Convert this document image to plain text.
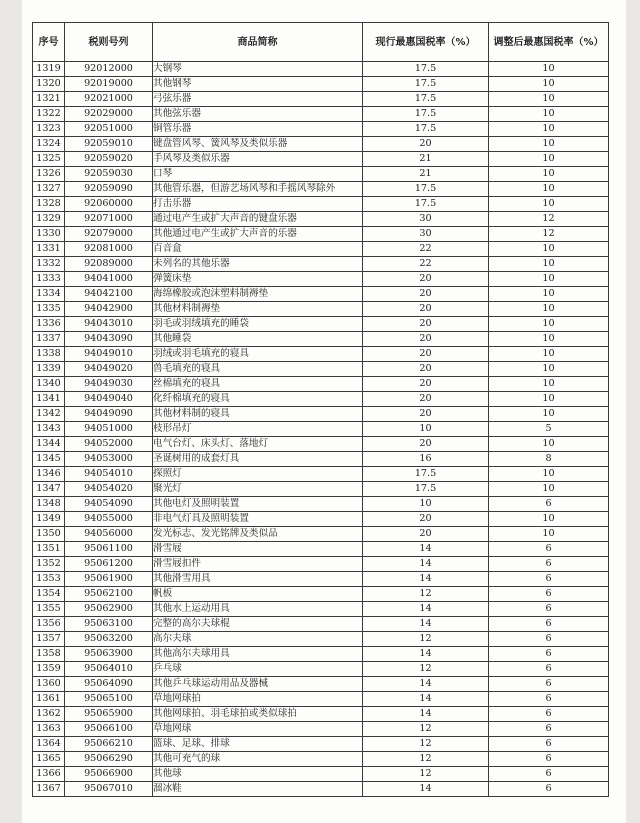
序号	税则号列	商品简称	现行最惠国税率（%）	调整后最惠国税率（%）
1319	92012000	大钢琴	17.5	10
1320	92019000	其他钢琴	17.5	10
1321	92021000	弓弦乐器	17.5	10
1322	92029000	其他弦乐器	17.5	10
1323	92051000	铜管乐器	17.5	10
1324	92059010	键盘管风琴、簧风琴及类似乐器	20	10
1325	92059020	手风琴及类似乐器	21	10
1326	92059030	口琴	21	10
1327	92059090	其他管乐器，但游艺场风琴和手摇风琴除外	17.5	10
1328	92060000	打击乐器	17.5	10
1329	92071000	通过电产生或扩大声音的键盘乐器	30	12
1330	92079000	其他通过电产生或扩大声音的乐器	30	12
1331	92081000	百音盒	22	10
1332	92089000	未列名的其他乐器	22	10
1333	94041000	弹簧床垫	20	10
1334	94042100	海绵橡胶或泡沫塑料制褥垫	20	10
1335	94042900	其他材料制褥垫	20	10
1336	94043010	羽毛或羽绒填充的睡袋	20	10
1337	94043090	其他睡袋	20	10
1338	94049010	羽绒或羽毛填充的寝具	20	10
1339	94049020	兽毛填充的寝具	20	10
1340	94049030	丝棉填充的寝具	20	10
1341	94049040	化纤棉填充的寝具	20	10
1342	94049090	其他材料制的寝具	20	10
1343	94051000	枝形吊灯	10	5
1344	94052000	电气台灯、床头灯、落地灯	20	10
1345	94053000	圣诞树用的成套灯具	16	8
1346	94054010	探照灯	17.5	10
1347	94054020	聚光灯	17.5	10
1348	94054090	其他电灯及照明装置	10	6
1349	94055000	非电气灯具及照明装置	20	10
1350	94056000	发光标志、发光铭牌及类似品	20	10
1351	95061100	滑雪屐	14	6
1352	95061200	滑雪屐扣件	14	6
1353	95061900	其他滑雪用具	14	6
1354	95062100	帆板	12	6
1355	95062900	其他水上运动用具	14	6
1356	95063100	完整的高尔夫球棍	14	6
1357	95063200	高尔夫球	12	6
1358	95063900	其他高尔夫球用具	14	6
1359	95064010	乒乓球	12	6
1360	95064090	其他乒乓球运动用品及器械	14	6
1361	95065100	草地网球拍	14	6
1362	95065900	其他网球拍、羽毛球拍或类似球拍	14	6
1363	95066100	草地网球	12	6
1364	95066210	篮球、足球、排球	12	6
1365	95066290	其他可充气的球	12	6
1366	95066900	其他球	12	6
1367	95067010	溜冰鞋	14	6
